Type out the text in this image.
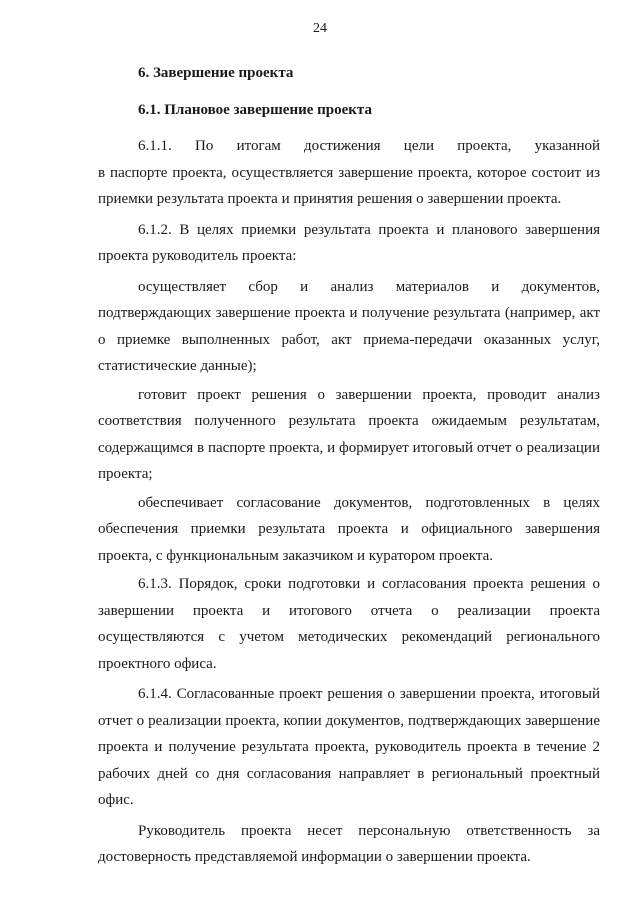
24

6. Завершение проекта

6.1. Плановое завершение проекта

6.1.1. По итогам достижения цели проекта, указанной

в паспорте проекта, осуществляется завершение проекта, которое состоит из приемки результата проекта и принятия решения о завершении проекта.

6.1.2. В целях приемки результата проекта и планового завершения проекта руководитель проекта:

осуществляет сбор и анализ материалов и документов, подтверждающих завершение проекта и получение результата (например, акт о приемке выполненных работ, акт приема-передачи оказанных услуг, статистические данные);

готовит проект решения о завершении проекта, проводит анализ соответствия полученного результата проекта ожидаемым результатам, содержащимся в паспорте проекта, и формирует итоговый отчет о реализации проекта;

обеспечивает согласование документов, подготовленных в целях обеспечения приемки результата проекта и официального завершения проекта, с функциональным заказчиком и куратором проекта.

6.1.3. Порядок, сроки подготовки и согласования проекта решения о завершении проекта и итогового отчета о реализации проекта осуществляются с учетом методических рекомендаций регионального проектного офиса.

6.1.4. Согласованные проект решения о завершении проекта, итоговый отчет о реализации проекта, копии документов, подтверждающих завершение проекта и получение результата проекта, руководитель проекта в течение 2 рабочих дней со дня согласования направляет в региональный проектный офис.

Руководитель проекта несет персональную ответственность за достоверность представляемой информации о завершении проекта.
